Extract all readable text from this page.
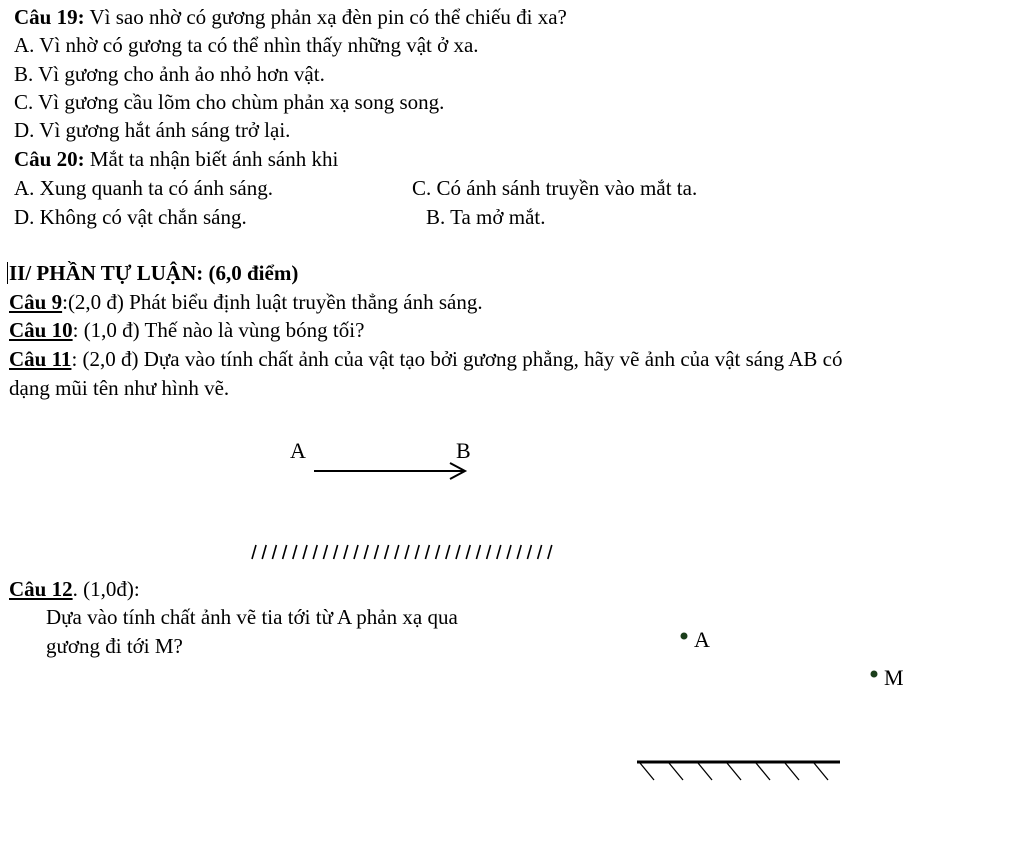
Câu 19: Vì sao nhờ có gương phản xạ đèn pin có thể chiếu đi xa?
A. Vì nhờ có gương ta có thể nhìn thấy những vật ở xa.
B. Vì gương cho ảnh ảo nhỏ hơn vật.
C. Vì gương cầu lõm cho chùm phản xạ song song.
D. Vì gương hắt ánh sáng trở lại.
Câu 20: Mắt ta nhận biết ánh sánh khi
A. Xung quanh ta có ánh sáng.	C. Có ánh sánh truyền vào mắt ta.
D. Không có vật chắn sáng.	B. Ta mở mắt.
II/ PHẦN TỰ LUẬN: (6,0 điểm)
Câu 9:(2,0 đ) Phát biểu định luật truyền thẳng ánh sáng.
Câu 10: (1,0 đ) Thế nào là vùng bóng tối?
Câu 11: (2,0 đ) Dựa vào tính chất ảnh của vật tạo bởi gương phẳng, hãy vẽ ảnh của vật sáng AB có
dạng mũi tên như hình vẽ.
A	B
Câu 12. (1,0đ):
Dựa vào tính chất ảnh vẽ tia tới từ A phản xạ qua
gương đi tới M?	A
M
